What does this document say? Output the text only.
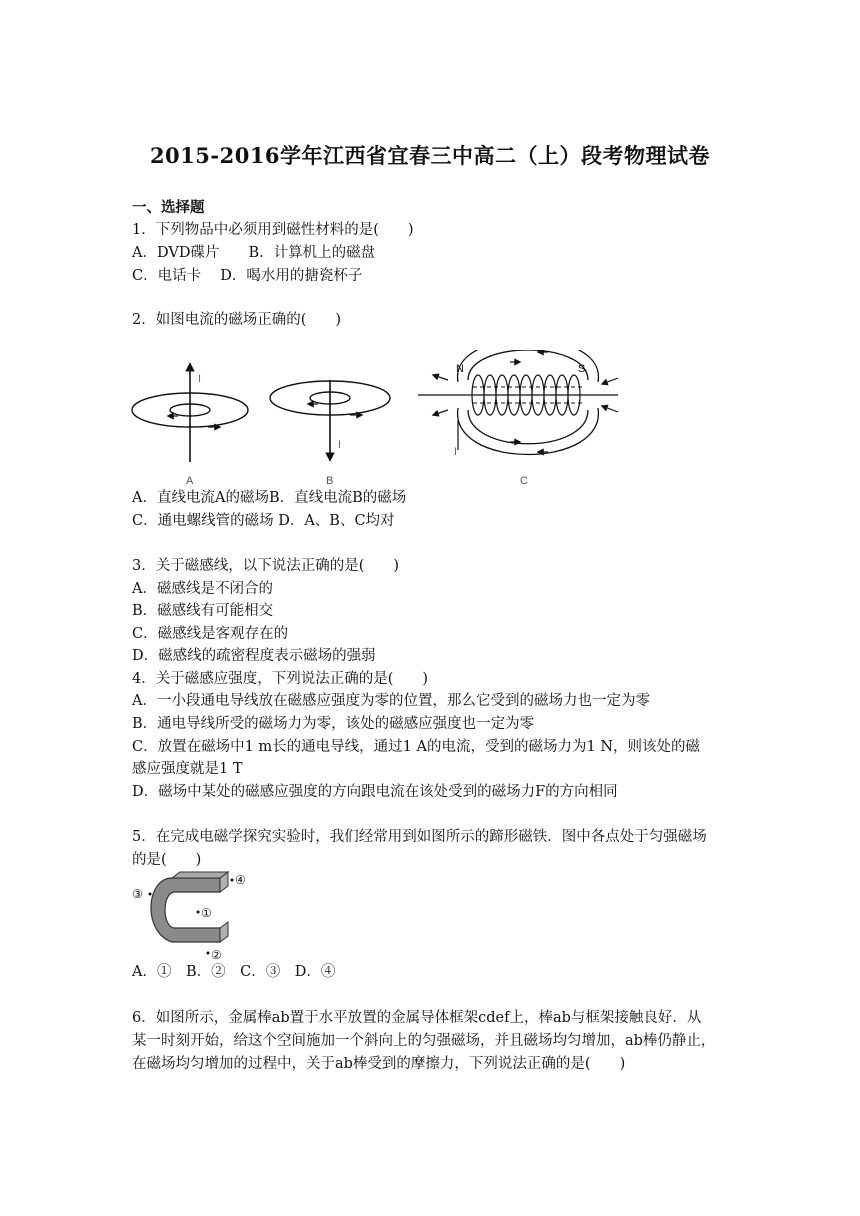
2015-2016学年江西省宜春三中高二（上）段考物理试卷
一、选择题
1．下列物品中必须用到磁性材料的是(　　)
A．DVD碟片　　B．计算机上的磁盘
C．电话卡　 D．喝水用的搪瓷杯子
2．如图电流的磁场正确的(　　)
I
A
I
B
N	S
I
C
A．直线电流A的磁场B．直线电流B的磁场
C．通电螺线管的磁场 D．A、B、C均对
3．关于磁感线，以下说法正确的是(　　)
A．磁感线是不闭合的
B．磁感线有可能相交
C．磁感线是客观存在的
D．磁感线的疏密程度表示磁场的强弱
4．关于磁感应强度，下列说法正确的是(　　)
A．一小段通电导线放在磁感应强度为零的位置，那么它受到的磁场力也一定为零
B．通电导线所受的磁场力为零，该处的磁感应强度也一定为零
C．放置在磁场中1 m长的通电导线，通过1 A的电流，受到的磁场力为1 N，则该处的磁
感应强度就是1 T
D．磁场中某处的磁感应强度的方向跟电流在该处受到的磁场力F的方向相同
5．在完成电磁学探究实验时，我们经常用到如图所示的蹄形磁铁．图中各点处于匀强磁场
的是(　　)
③
④
①
②
A．①　B．②　C．③　D．④
6．如图所示，金属棒ab置于水平放置的金属导体框架cdef上，棒ab与框架接触良好．从
某一时刻开始，给这个空间施加一个斜向上的匀强磁场，并且磁场均匀增加，ab棒仍静止，
在磁场均匀增加的过程中，关于ab棒受到的摩擦力，下列说法正确的是(　　)
